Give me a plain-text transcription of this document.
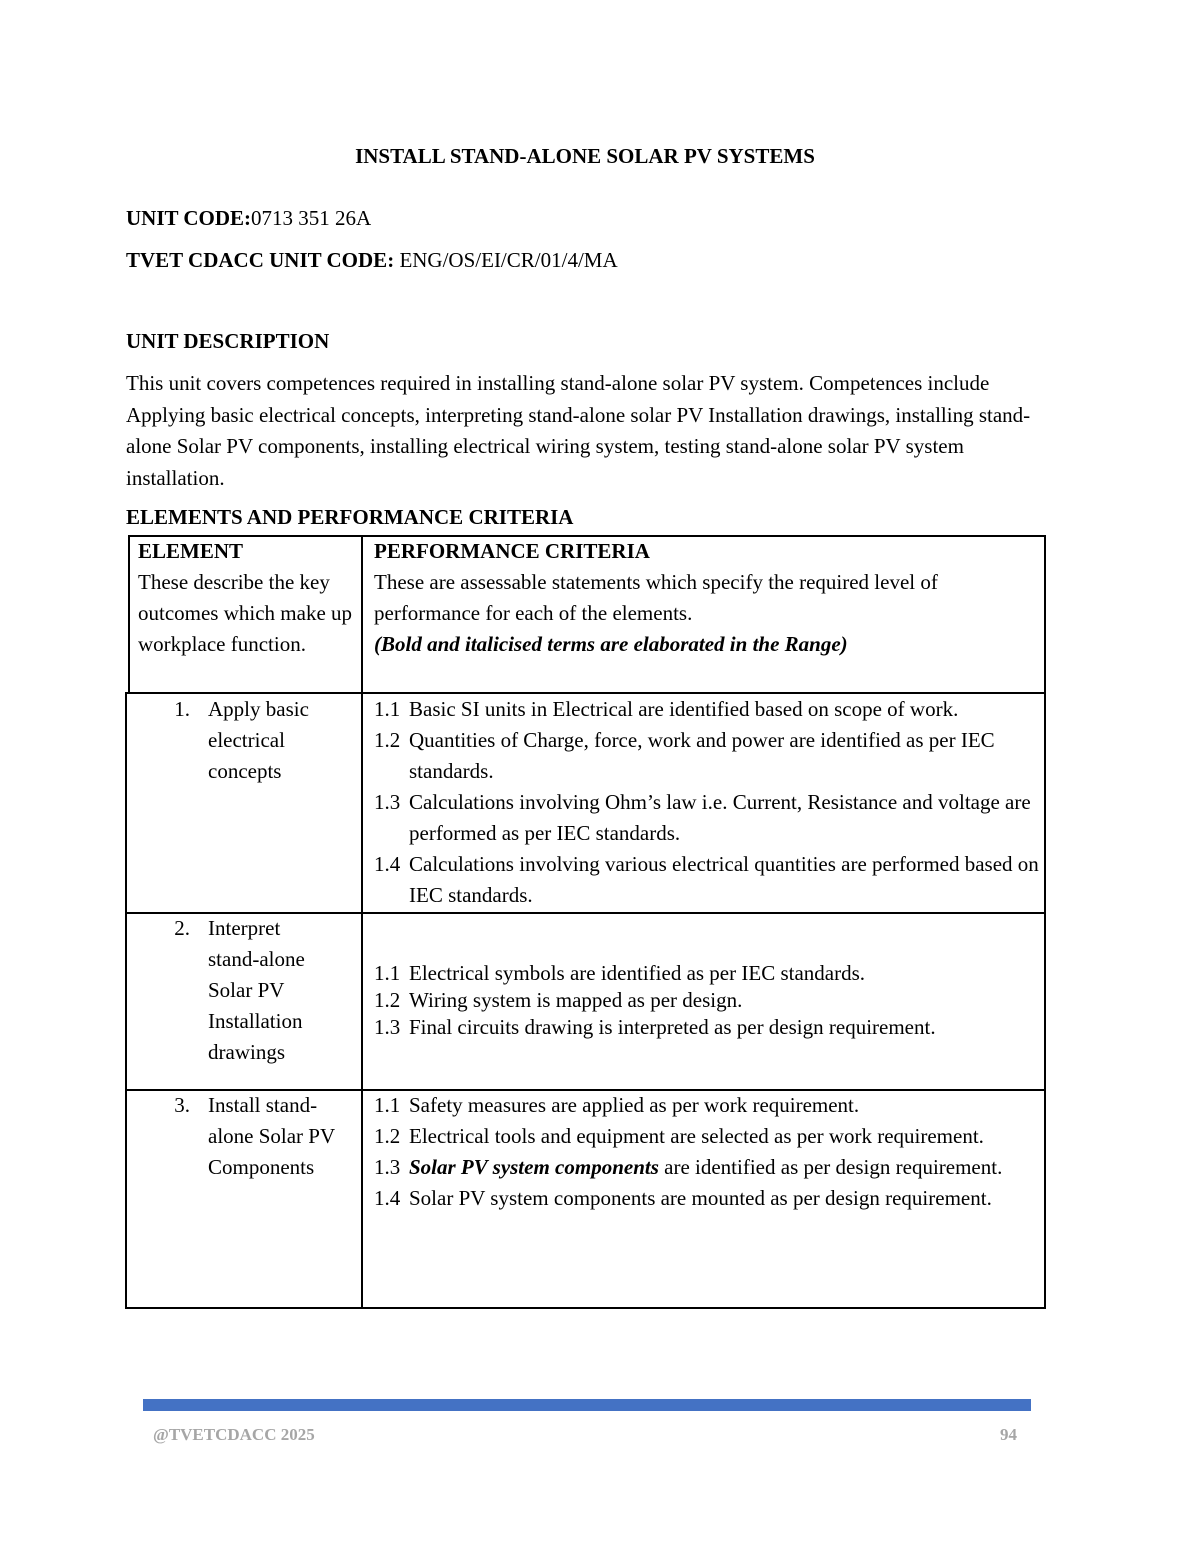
INSTALL STAND-ALONE SOLAR PV SYSTEMS
UNIT CODE:0713 351 26A
TVET CDACC UNIT CODE: ENG/OS/EI/CR/01/4/MA
UNIT DESCRIPTION
This unit covers competences required in installing stand-alone solar PV system. Competences include Applying basic electrical concepts, interpreting stand-alone solar PV Installation drawings, installing stand-alone Solar PV components, installing electrical wiring system, testing stand-alone solar PV system installation.
ELEMENTS AND PERFORMANCE CRITERIA
ELEMENT
These describe the key outcomes which make up workplace function.
PERFORMANCE CRITERIA
These are assessable statements which specify the required level of performance for each of the elements.
(Bold and italicised terms are elaborated in the Range)
1. Apply basic electrical concepts
1.1 Basic SI units in Electrical are identified based on scope of work.
1.2 Quantities of Charge, force, work and power are identified as per IEC standards.
1.3 Calculations involving Ohm’s law i.e. Current, Resistance and voltage are performed as per IEC standards.
1.4 Calculations involving various electrical quantities are performed based on IEC standards.
2. Interpret stand-alone Solar PV Installation drawings
1.1 Electrical symbols are identified as per IEC standards.
1.2 Wiring system is mapped as per design.
1.3 Final circuits drawing is interpreted as per design requirement.
3. Install stand-alone Solar PV Components
1.1 Safety measures are applied as per work requirement.
1.2 Electrical tools and equipment are selected as per work requirement.
1.3 Solar PV system components are identified as per design requirement.
1.4 Solar PV system components are mounted as per design requirement.
@TVETCDACC 2025	94
